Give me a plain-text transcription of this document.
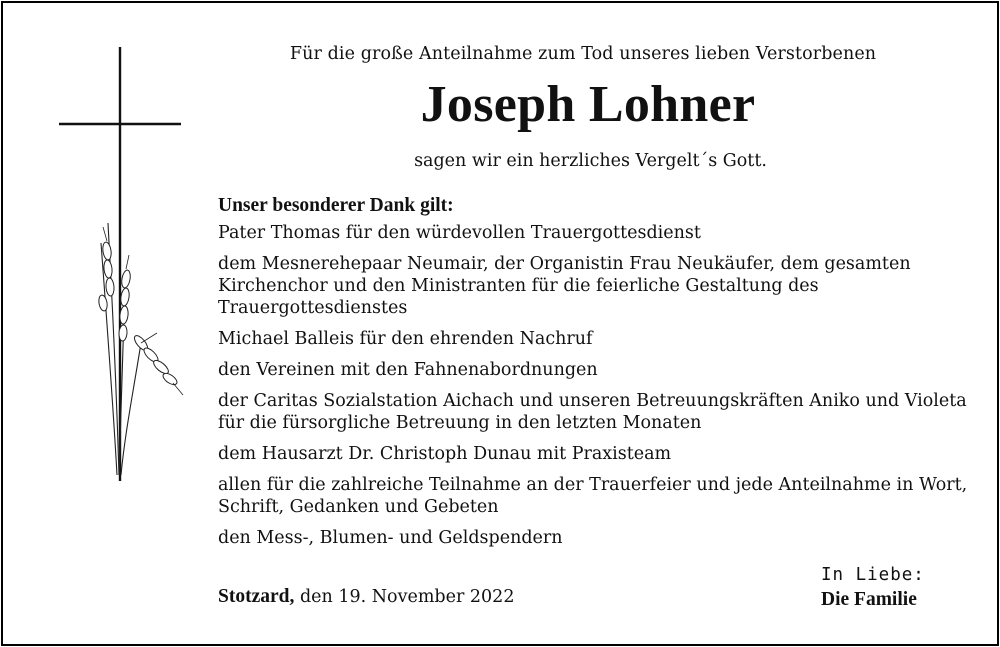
Für die große Anteilnahme zum Tod unseres lieben Verstorbenen
Joseph Lohner
sagen wir ein herzliches Vergelt´s Gott.
Unser besonderer Dank gilt:
Pater Thomas für den würdevollen Trauergottesdienst
dem Mesnerehepaar Neumair, der Organistin Frau Neukäufer, dem gesamten Kirchenchor und den Ministranten für die feierliche Gestaltung des Trauergottesdienstes
Michael Balleis für den ehrenden Nachruf
den Vereinen mit den Fahnenabordnungen
der Caritas Sozialstation Aichach und unseren Betreuungskräften Aniko und Violeta für die fürsorgliche Betreuung in den letzten Monaten
dem Hausarzt Dr. Christoph Dunau mit Praxisteam
allen für die zahlreiche Teilnahme an der Trauerfeier und jede Anteilnahme in Wort, Schrift, Gedanken und Gebeten
den Mess-, Blumen- und Geldspendern
Stotzard, den 19. November 2022
In Liebe:
Die Familie
